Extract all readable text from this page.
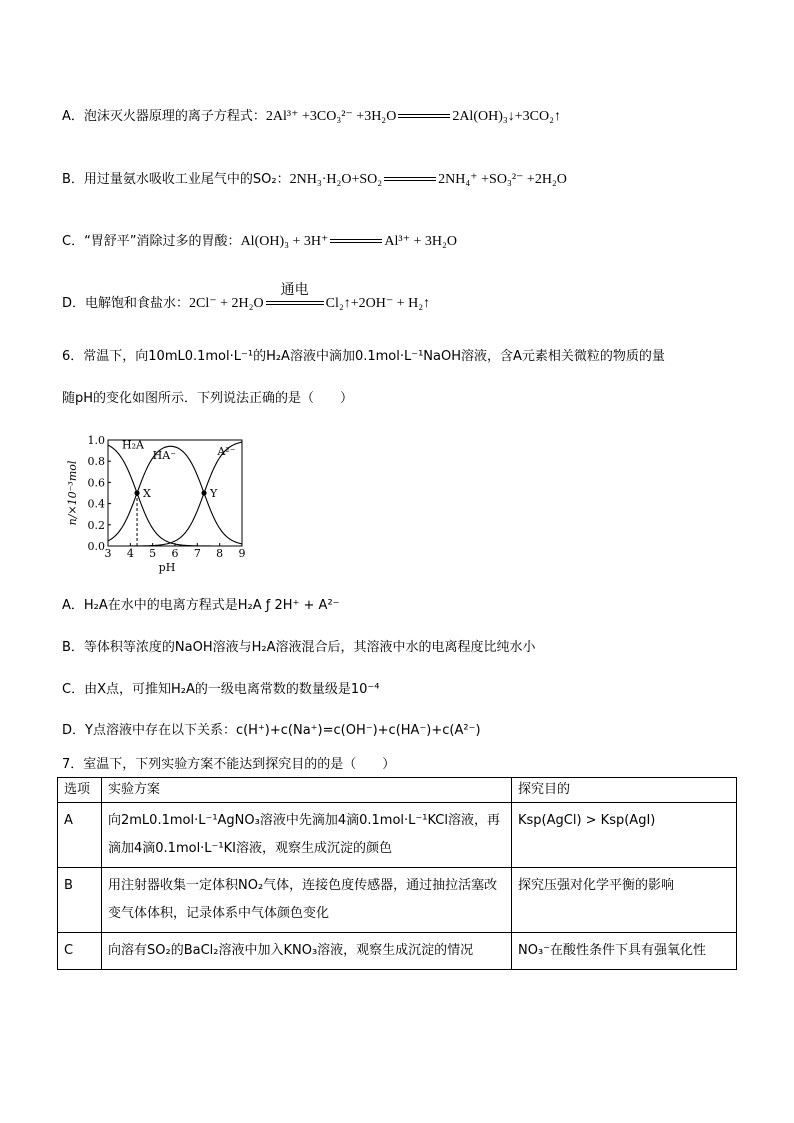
A．泡沫灭火器原理的离子方程式：2Al³⁺ +3CO₃²⁻ +3H₂O	2Al(OH)₃↓+3CO₂↑
B．用过量氨水吸收工业尾气中的SO₂：2NH₃·H₂O+SO₂	2NH₄⁺ +SO₃²⁻ +2H₂O
C．“胃舒平”消除过多的胃酸：Al(OH)₃ + 3H⁺	Al³⁺ + 3H₂O
D．电解饱和食盐水：2Cl⁻ + 2H₂O
通电
Cl₂↑+2OH⁻ + H₂↑
6．常温下，向10mL0.1mol·L⁻¹的H₂A溶液中滴加0.1mol·L⁻¹NaOH溶液，含A元素相关微粒的物质的量
随pH的变化如图所示．下列说法正确的是（　　）
3 4 5 6 7 8 9
0.0
0.2
0.4
0.6
0.8
1.0
pH
n/×10⁻³mol
H₂A
HA⁻	A²⁻
X	Y
A．H₂A在水中的电离方程式是H₂A ƒ 2H⁺ + A²⁻
B．等体积等浓度的NaOH溶液与H₂A溶液混合后，其溶液中水的电离程度比纯水小
C．由X点，可推知H₂A的一级电离常数的数量级是10⁻⁴
D．Y点溶液中存在以下关系：c(H⁺)+c(Na⁺)=c(OH⁻)+c(HA⁻)+c(A²⁻)
7．室温下，下列实验方案不能达到探究目的的是（　　）
选项	实验方案	探究目的
A	向2mL0.1mol·L⁻¹AgNO₃溶液中先滴加4滴0.1mol·L⁻¹KCl溶液，再滴加4滴0.1mol·L⁻¹KI溶液，观察生成沉淀的颜色	Ksp(AgCl) > Ksp(AgI)
B	用注射器收集一定体积NO₂气体，连接色度传感器，通过抽拉活塞改变气体体积，记录体系中气体颜色变化	探究压强对化学平衡的影响
C	向溶有SO₂的BaCl₂溶液中加入KNO₃溶液，观察生成沉淀的情况	NO₃⁻在酸性条件下具有强氧化性
